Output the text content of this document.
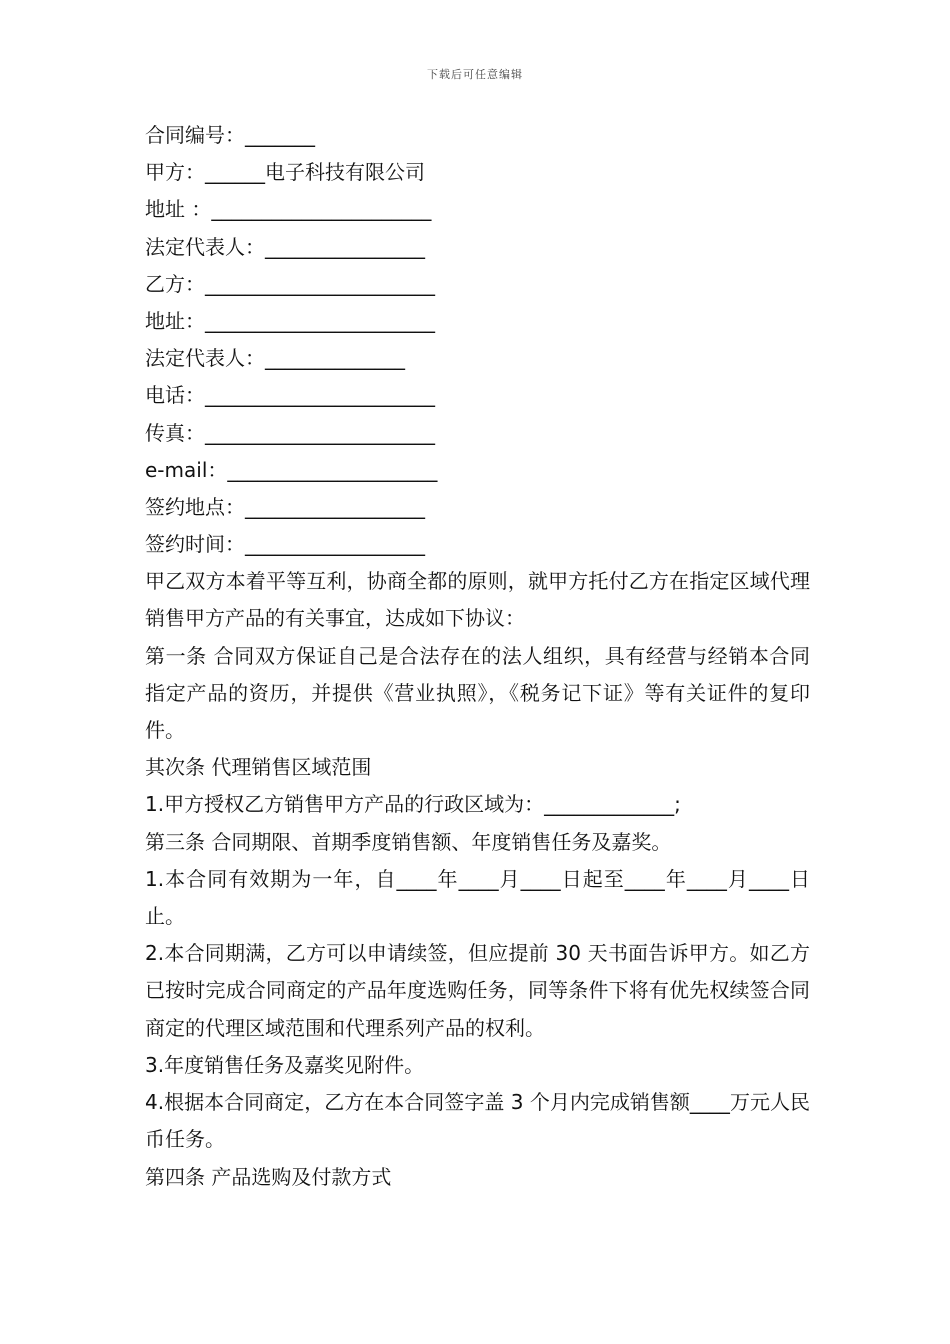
下载后可任意编辑
合同编号：_______
甲方：______电子科技有限公司
地址 ：______________________
法定代表人：________________
乙方：_______________________
地址：_______________________
法定代表人：______________
电话：_______________________
传真：_______________________
e-mail：_____________________
签约地点：__________________
签约时间：__________________
甲乙双方本着平等互利，协商全都的原则，就甲方托付乙方在指定区域代理销售甲方产品的有关事宜，达成如下协议：
第一条 合同双方保证自己是合法存在的法人组织，具有经营与经销本合同指定产品的资历，并提供《营业执照》，《税务记下证》等有关证件的复印件。
其次条 代理销售区域范围
1.甲方授权乙方销售甲方产品的行政区域为：_____________;
第三条 合同期限、首期季度销售额、年度销售任务及嘉奖。
1.本合同有效期为一年，自____年____月____日起至____年____月____日止。
2.本合同期满，乙方可以申请续签，但应提前 30 天书面告诉甲方。如乙方已按时完成合同商定的产品年度选购任务，同等条件下将有优先权续签合同商定的代理区域范围和代理系列产品的权利。
3.年度销售任务及嘉奖见附件。
4.根据本合同商定，乙方在本合同签字盖 3 个月内完成销售额____万元人民币任务。
第四条 产品选购及付款方式
